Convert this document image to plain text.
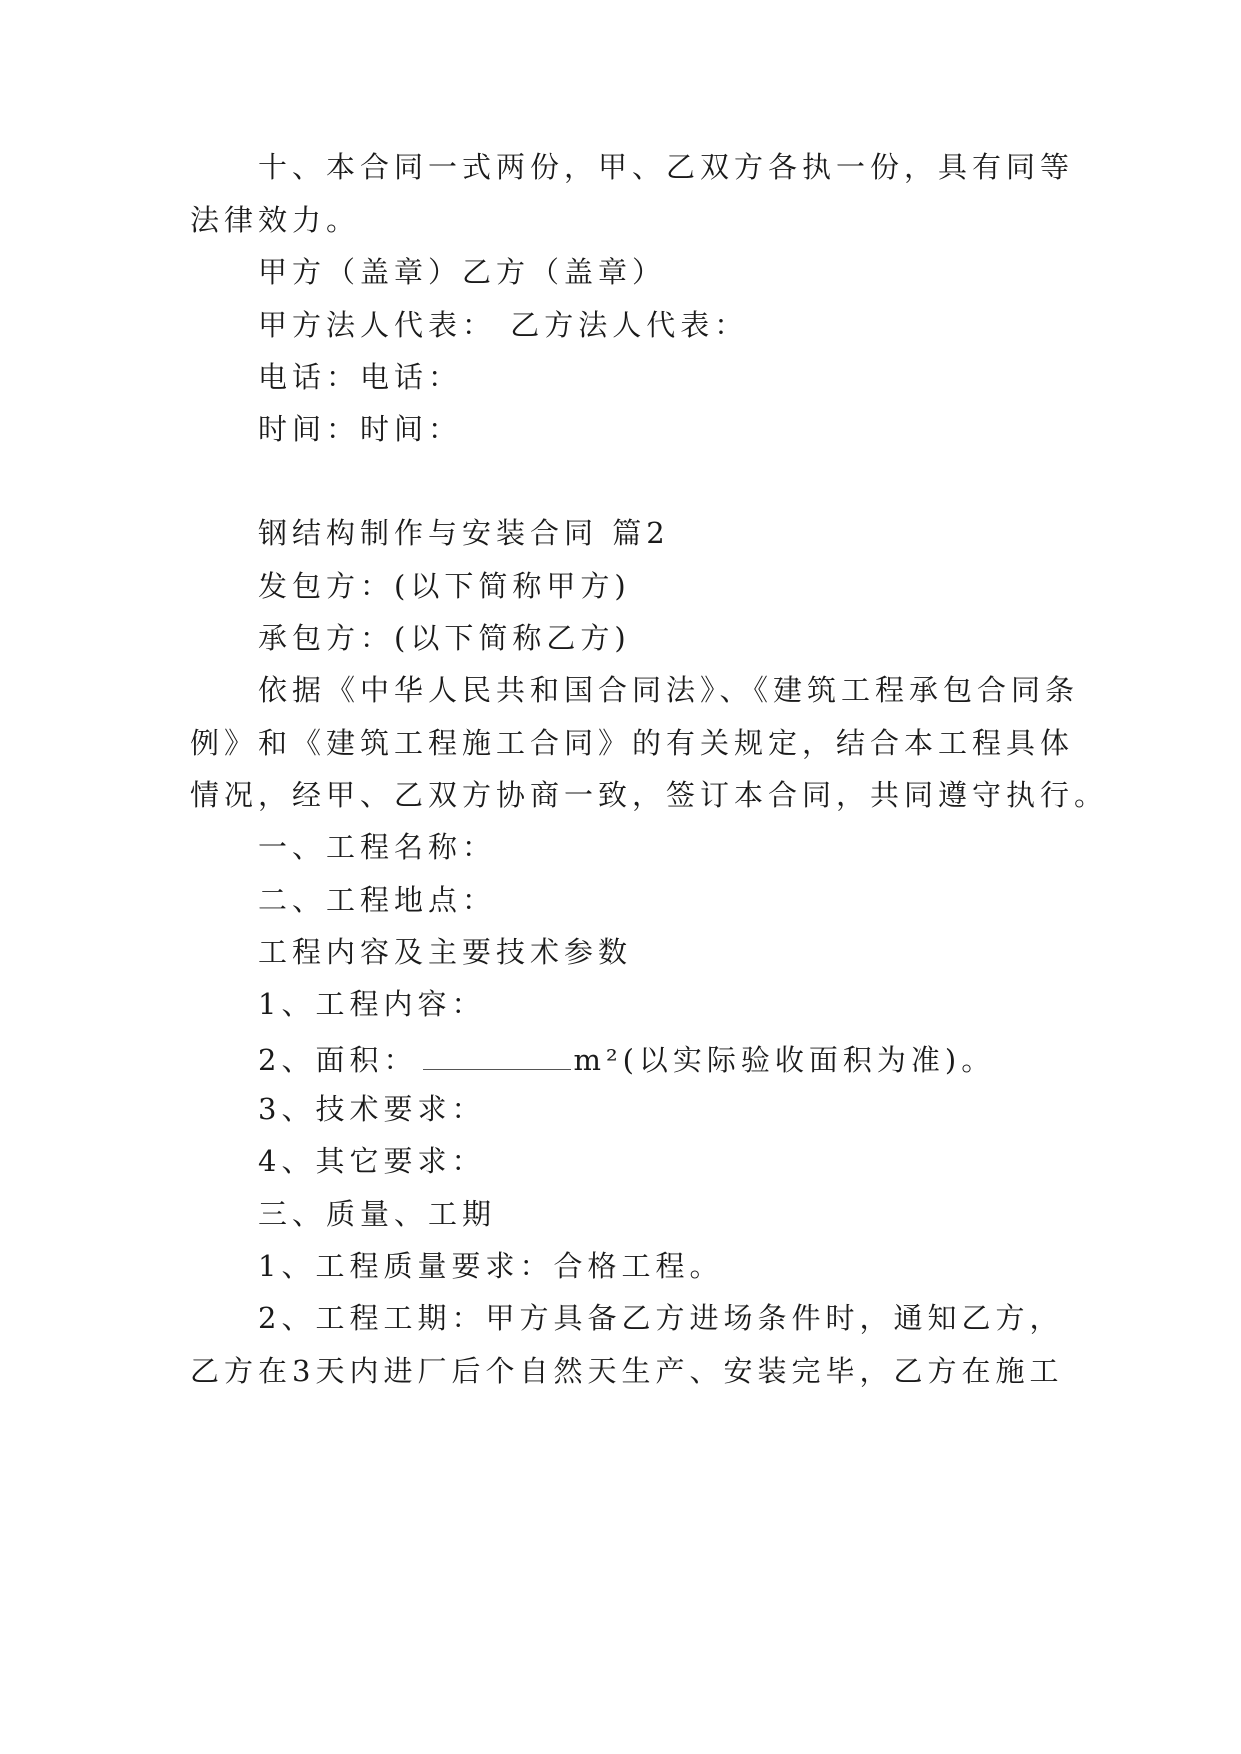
十、本合同一式两份，甲、乙双方各执一份，具有同等
法律效力。
甲方（盖章）乙方（盖章）
甲方法人代表： 乙方法人代表：
电话：电话：
时间：时间：
钢结构制作与安装合同 篇2
发包方：(以下简称甲方)
承包方：(以下简称乙方)
依据《中华人民共和国合同法》、《建筑工程承包合同条
例》和《建筑工程施工合同》的有关规定，结合本工程具体
情况，经甲、乙双方协商一致，签订本合同，共同遵守执行。
一、工程名称：
二、工程地点：
工程内容及主要技术参数
1、工程内容：
2、面积：	m²(以实际验收面积为准)。
3、技术要求：
4、其它要求：
三、质量、工期
1、工程质量要求：合格工程。
2、工程工期：甲方具备乙方进场条件时，通知乙方，
乙方在3天内进厂后个自然天生产、安装完毕，乙方在施工
